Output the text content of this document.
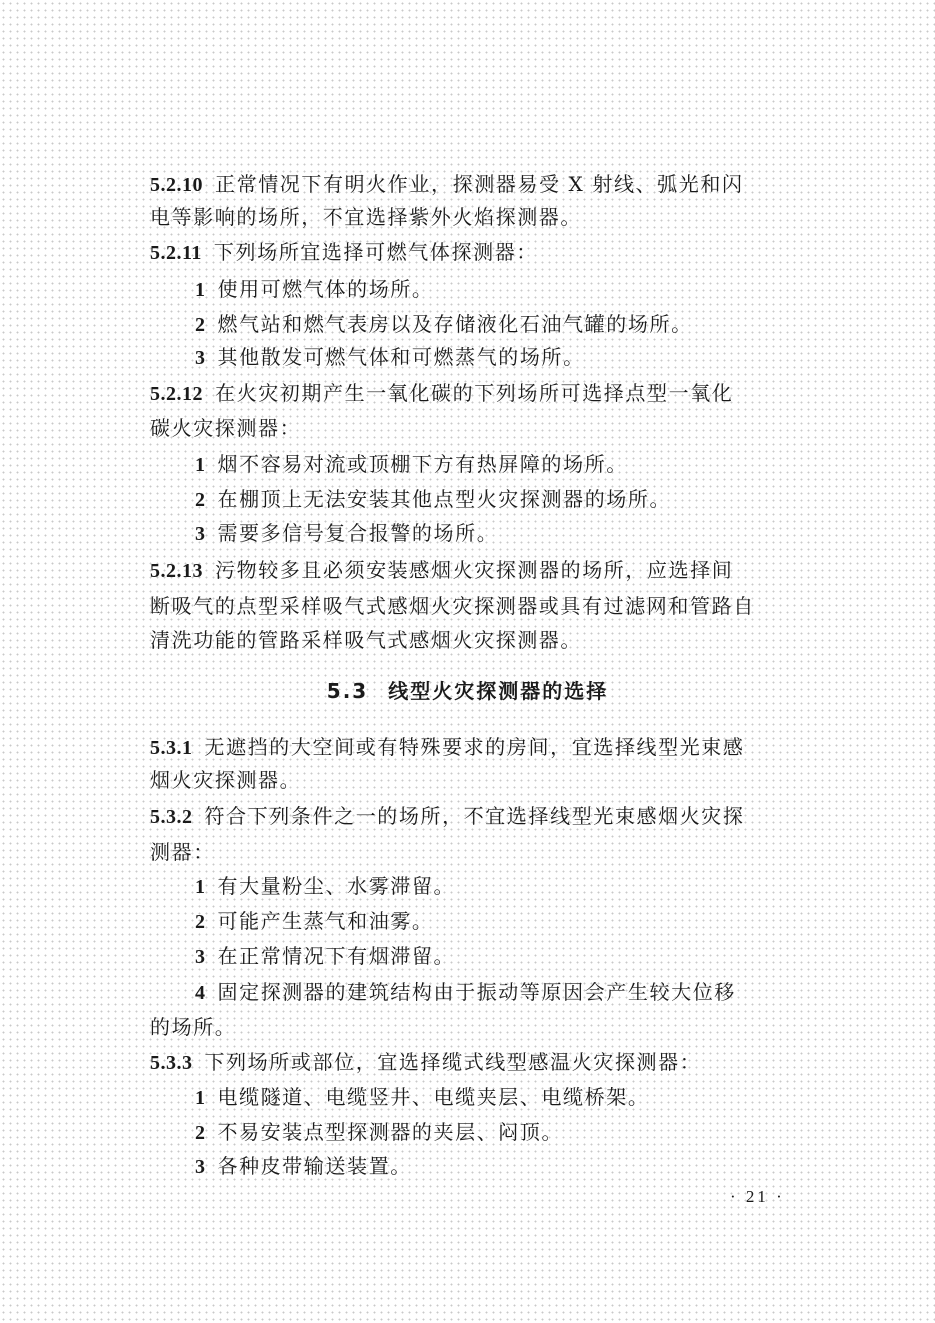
5.2.10 正常情况下有明火作业，探测器易受 X 射线、弧光和闪
电等影响的场所，不宜选择紫外火焰探测器。
5.2.11 下列场所宜选择可燃气体探测器：
1 使用可燃气体的场所。
2 燃气站和燃气表房以及存储液化石油气罐的场所。
3 其他散发可燃气体和可燃蒸气的场所。
5.2.12 在火灾初期产生一氧化碳的下列场所可选择点型一氧化
碳火灾探测器：
1 烟不容易对流或顶棚下方有热屏障的场所。
2 在棚顶上无法安装其他点型火灾探测器的场所。
3 需要多信号复合报警的场所。
5.2.13 污物较多且必须安装感烟火灾探测器的场所，应选择间
断吸气的点型采样吸气式感烟火灾探测器或具有过滤网和管路自
清洗功能的管路采样吸气式感烟火灾探测器。
5.3 线型火灾探测器的选择
5.3.1 无遮挡的大空间或有特殊要求的房间，宜选择线型光束感
烟火灾探测器。
5.3.2 符合下列条件之一的场所，不宜选择线型光束感烟火灾探
测器：
1 有大量粉尘、水雾滞留。
2 可能产生蒸气和油雾。
3 在正常情况下有烟滞留。
4 固定探测器的建筑结构由于振动等原因会产生较大位移
的场所。
5.3.3 下列场所或部位，宜选择缆式线型感温火灾探测器：
1 电缆隧道、电缆竖井、电缆夹层、电缆桥架。
2 不易安装点型探测器的夹层、闷顶。
3 各种皮带输送装置。
· 21 ·
